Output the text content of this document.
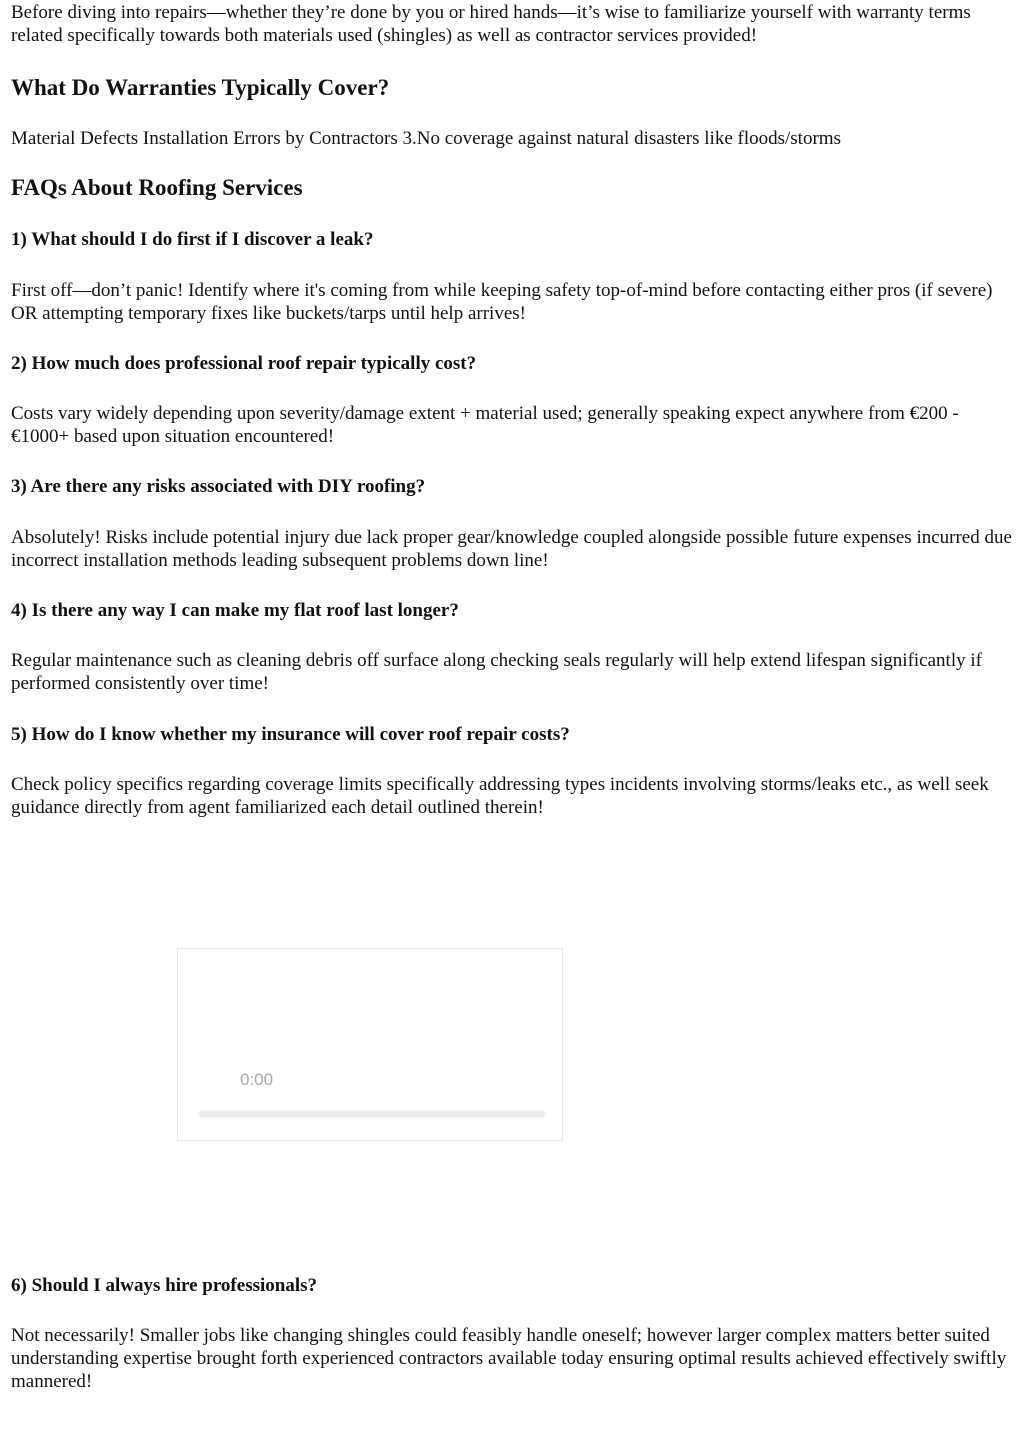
Before diving into repairs—whether they’re done by you or hired hands—it’s wise to familiarize yourself with warranty terms related specifically towards both materials used (shingles) as well as contractor services provided!

What Do Warranties Typically Cover?

Material Defects Installation Errors by Contractors 3.No coverage against natural disasters like floods/storms

FAQs About Roofing Services
1) What should I do first if I discover a leak?

First off—don’t panic! Identify where it's coming from while keeping safety top-of-mind before contacting either pros (if severe) OR attempting temporary fixes like buckets/tarps until help arrives!

2) How much does professional roof repair typically cost?

Costs vary widely depending upon severity/damage extent + material used; generally speaking expect anywhere from €200 - €1000+ based upon situation encountered!

3) Are there any risks associated with DIY roofing?

Absolutely! Risks include potential injury due lack proper gear/knowledge coupled alongside possible future expenses incurred due incorrect installation methods leading subsequent problems down line!

4) Is there any way I can make my flat roof last longer?

Regular maintenance such as cleaning debris off surface along checking seals regularly will help extend lifespan significantly if performed consistently over time!

5) How do I know whether my insurance will cover roof repair costs?

Check policy specifics regarding coverage limits specifically addressing types incidents involving storms/leaks etc., as well seek guidance directly from agent familiarized each detail outlined therein!

0:00
6) Should I always hire professionals?

Not necessarily! Smaller jobs like changing shingles could feasibly handle oneself; however larger complex matters better suited understanding expertise brought forth experienced contractors available today ensuring optimal results achieved effectively swiftly mannered!
